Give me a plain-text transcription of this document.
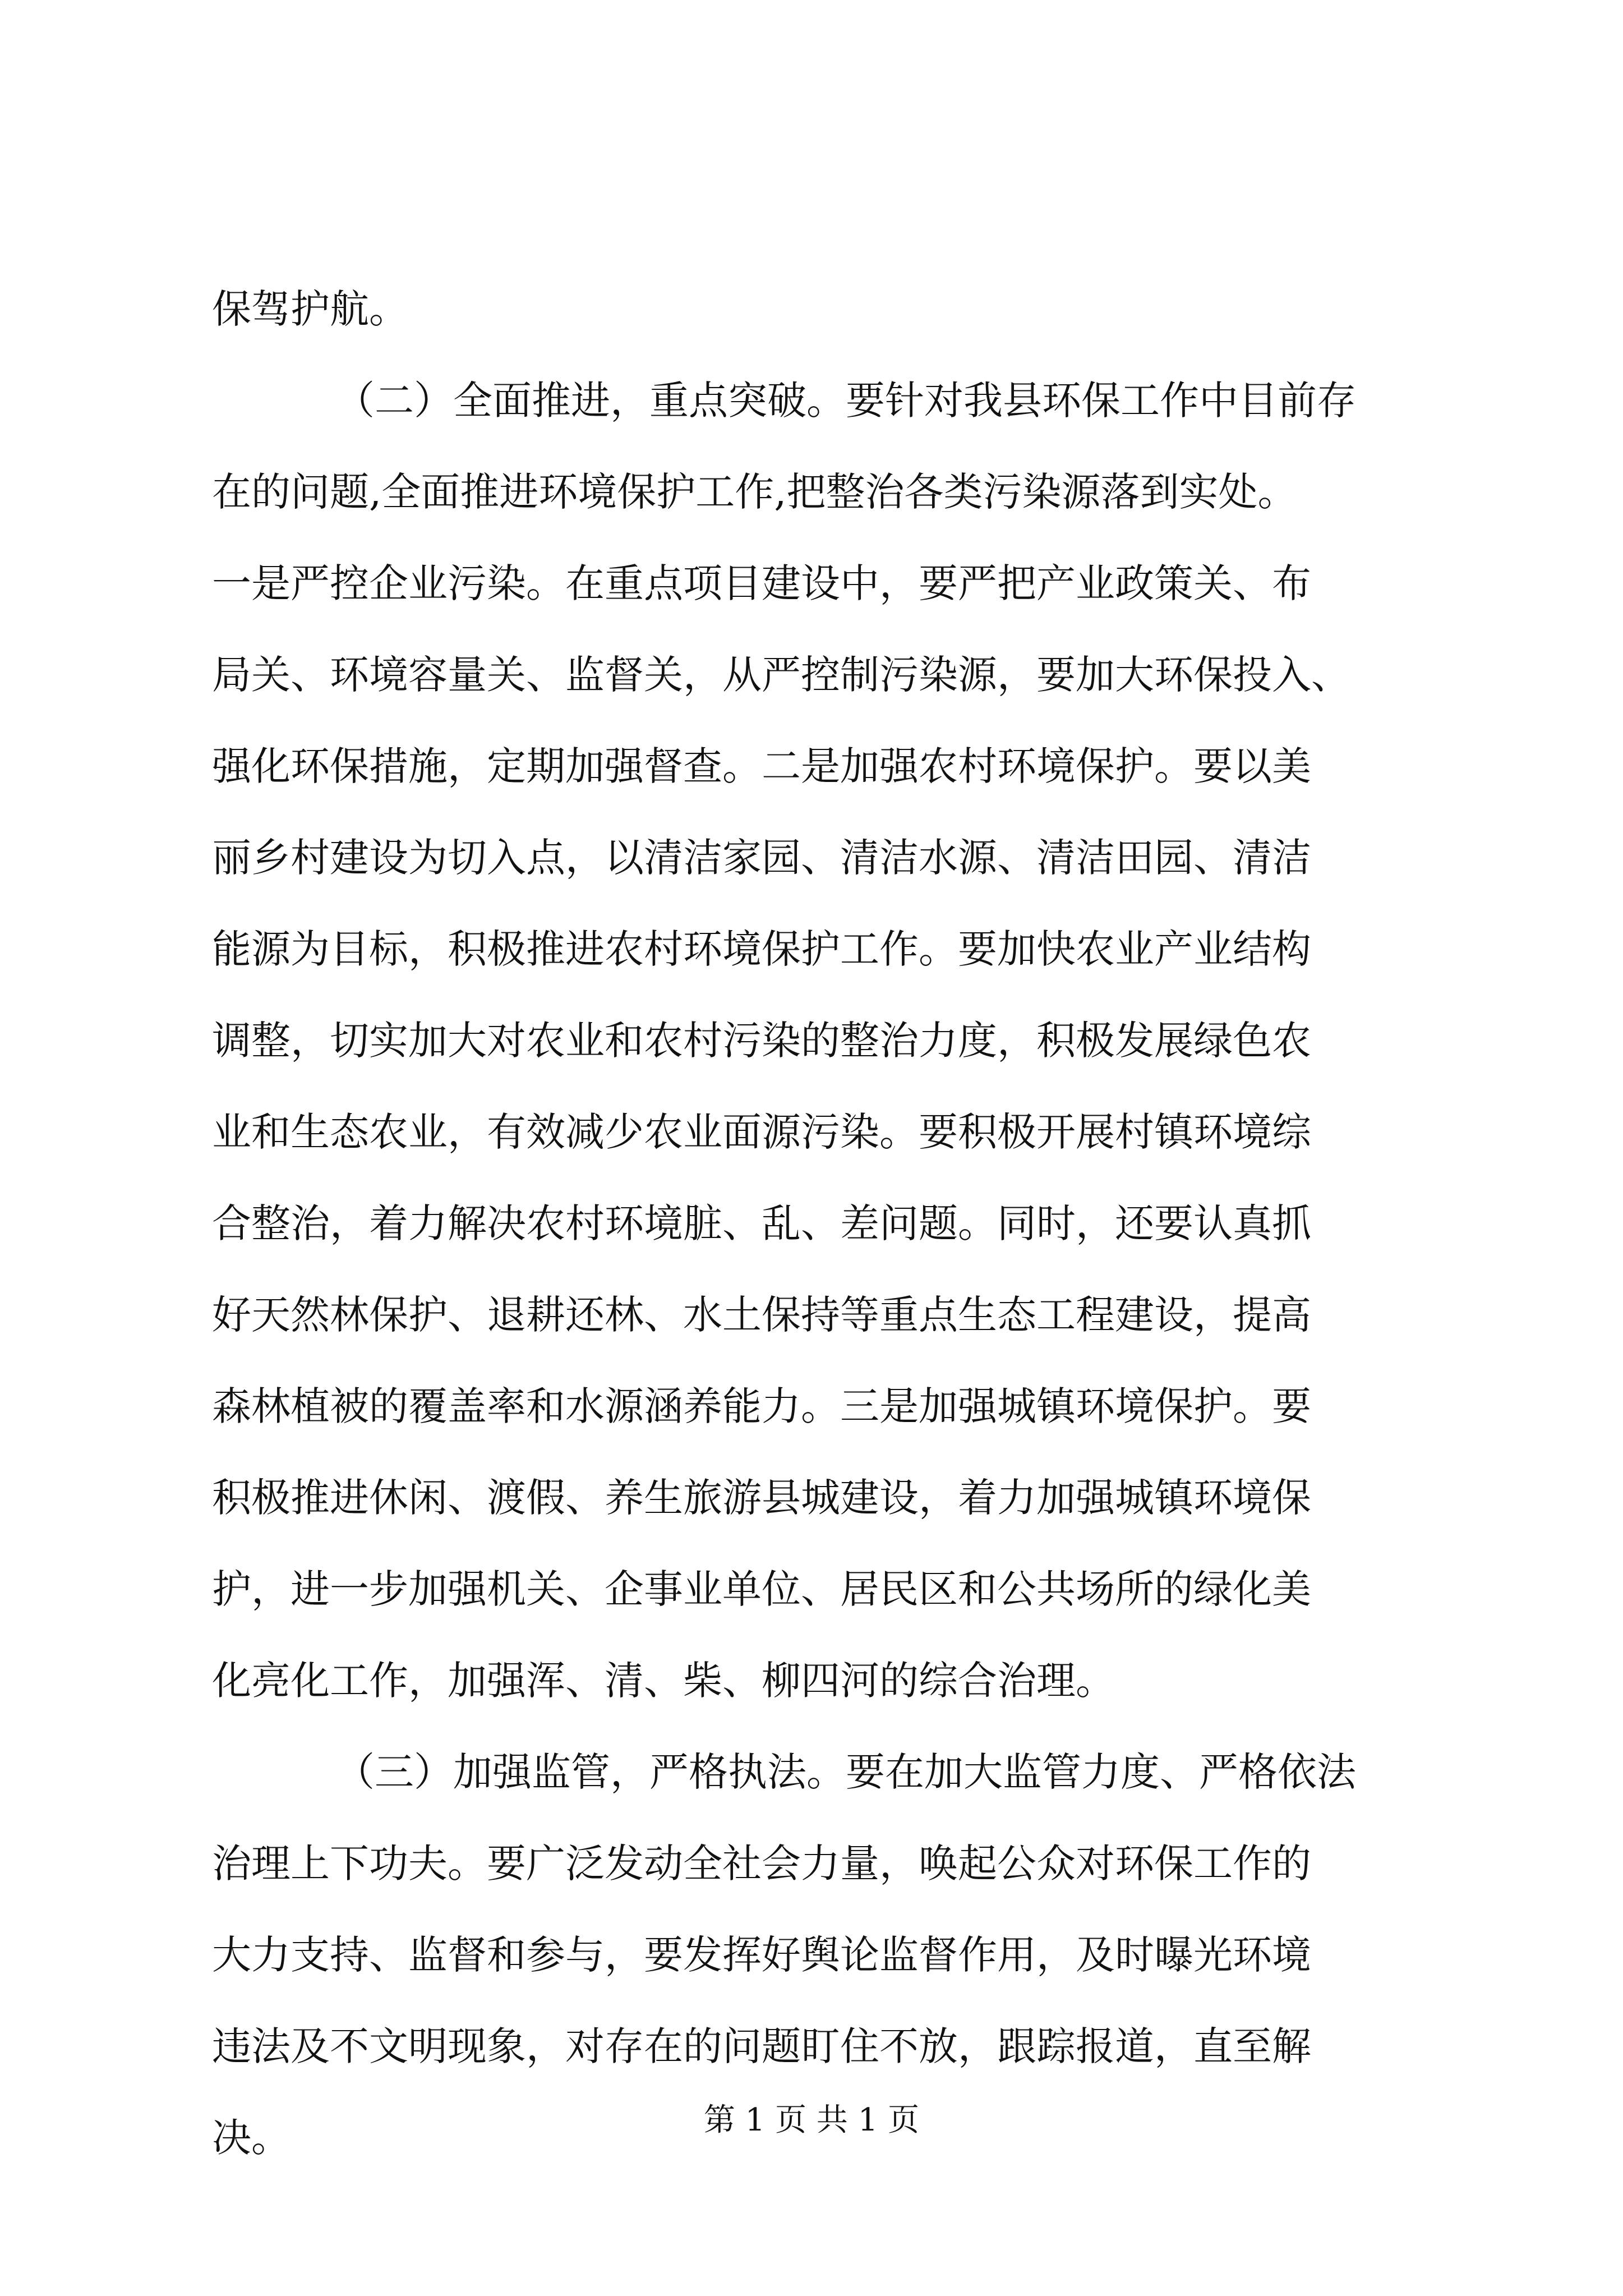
保驾护航。
（二）全面推进，重点突破。要针对我县环保工作中目前存
在的问题,全面推进环境保护工作,把整治各类污染源落到实处。
一是严控企业污染。在重点项目建设中，要严把产业政策关、布
局关、环境容量关、监督关，从严控制污染源，要加大环保投入、
强化环保措施，定期加强督查。二是加强农村环境保护。要以美
丽乡村建设为切入点，以清洁家园、清洁水源、清洁田园、清洁
能源为目标，积极推进农村环境保护工作。要加快农业产业结构
调整，切实加大对农业和农村污染的整治力度，积极发展绿色农
业和生态农业，有效减少农业面源污染。要积极开展村镇环境综
合整治，着力解决农村环境脏、乱、差问题。同时，还要认真抓
好天然林保护、退耕还林、水土保持等重点生态工程建设，提高
森林植被的覆盖率和水源涵养能力。三是加强城镇环境保护。要
积极推进休闲、渡假、养生旅游县城建设，着力加强城镇环境保
护，进一步加强机关、企事业单位、居民区和公共场所的绿化美
化亮化工作，加强浑、清、柴、柳四河的综合治理。
（三）加强监管，严格执法。要在加大监管力度、严格依法
治理上下功夫。要广泛发动全社会力量，唤起公众对环保工作的
大力支持、监督和参与，要发挥好舆论监督作用，及时曝光环境
违法及不文明现象，对存在的问题盯住不放，跟踪报道，直至解
决。	第 1 页 共 1 页
